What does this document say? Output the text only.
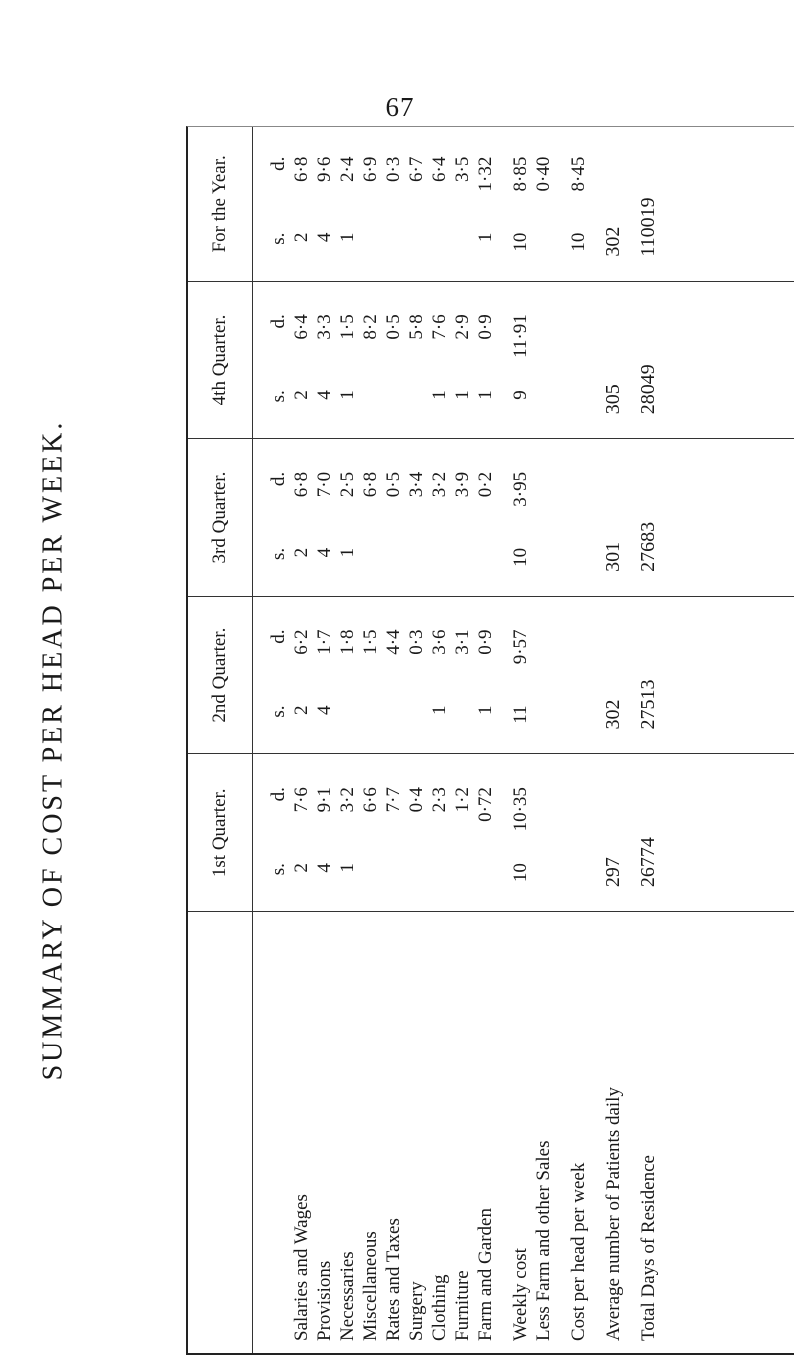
67
SUMMARY OF COST PER HEAD PER WEEK.	1st Quarter.
2nd Quarter.
3rd Quarter.
4th Quarter.
For the Year.
Salaries and Wages Provisions Necessaries Miscellaneous Rates and Taxes Surgery Clothing Furniture Farm and Garden Weekly cost Less Farm and other Sales Cost per head per week Average number of Patients daily Total Days of Residence
s.
d.
2
7·6
4
9·1
1
3·2 6·6 7·7 0·4 2·3 1·2 0·72
10
10·35
297 26774
s.
d.
2
6·2
4
1·7 1·8 1·5 4·4 0·3
1
3·6 3·1
1
0·9
11
9·57
302 27513
s.
d.
2
6·8
4
7·0
1
2·5 6·8 0·5 3·4 3·2 3·9 0·2
10
3·95
301 27683
s.
d.
2
6·4
4
3·3
1
1·5 8·2 0·5 5·8
1
7·6
1
2·9
1
0·9
9
11·91
305 28049
s.
d.
2
6·8
4
9·6
1
2·4 6·9 0·3 6·7 6·4 3·5
1
1·32
10
8·85 0·40
10
8·45
302 110019
